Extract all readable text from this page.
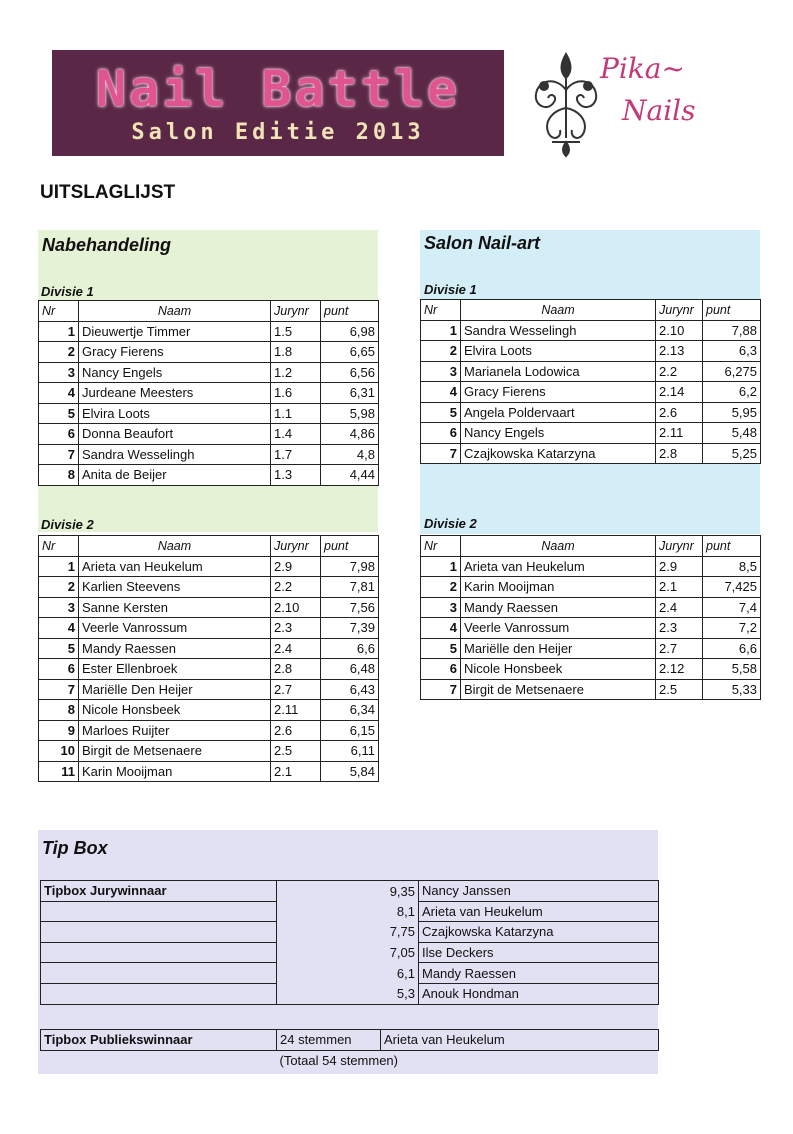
Nail Battle
Salon Editie 2013
Pika~
Nails
UITSLAGLIJST
Nabehandeling
Divisie 1
Nr	Naam	Jurynr	punt
1	Dieuwertje Timmer	1.5	6,98
2	Gracy Fierens	1.8	6,65
3	Nancy Engels	1.2	6,56
4	Jurdeane Meesters	1.6	6,31
5	Elvira Loots	1.1	5,98
6	Donna Beaufort	1.4	4,86
7	Sandra Wesselingh	1.7	4,8
8	Anita de Beijer	1.3	4,44
Divisie 2
Nr	Naam	Jurynr	punt
1	Arieta van Heukelum	2.9	7,98
2	Karlien Steevens	2.2	7,81
3	Sanne Kersten	2.10	7,56
4	Veerle Vanrossum	2.3	7,39
5	Mandy Raessen	2.4	6,6
6	Ester Ellenbroek	2.8	6,48
7	Mariëlle Den Heijer	2.7	6,43
8	Nicole Honsbeek	2.11	6,34
9	Marloes Ruijter	2.6	6,15
10	Birgit de Metsenaere	2.5	6,11
11	Karin Mooijman	2.1	5,84
Salon Nail-art
Divisie 1
Nr	Naam	Jurynr	punt
1	Sandra Wesselingh	2.10	7,88
2	Elvira Loots	2.13	6,3
3	Marianela Lodowica	2.2	6,275
4	Gracy Fierens	2.14	6,2
5	Angela Poldervaart	2.6	5,95
6	Nancy Engels	2.11	5,48
7	Czajkowska Katarzyna	2.8	5,25
Divisie 2
Nr	Naam	Jurynr	punt
1	Arieta van Heukelum	2.9	8,5
2	Karin Mooijman	2.1	7,425
3	Mandy Raessen	2.4	7,4
4	Veerle Vanrossum	2.3	7,2
5	Mariëlle den Heijer	2.7	6,6
6	Nicole Honsbeek	2.12	5,58
7	Birgit de Metsenaere	2.5	5,33
Tip Box
Tipbox Jurywinnaar	9,35	Nancy Janssen
	8,1	Arieta van Heukelum
	7,75	Czajkowska Katarzyna
	7,05	Ilse Deckers
	6,1	Mandy Raessen
	5,3	Anouk Hondman
Tipbox Publiekswinnaar	24 stemmen	Arieta van Heukelum
	(Totaal 54 stemmen)	
